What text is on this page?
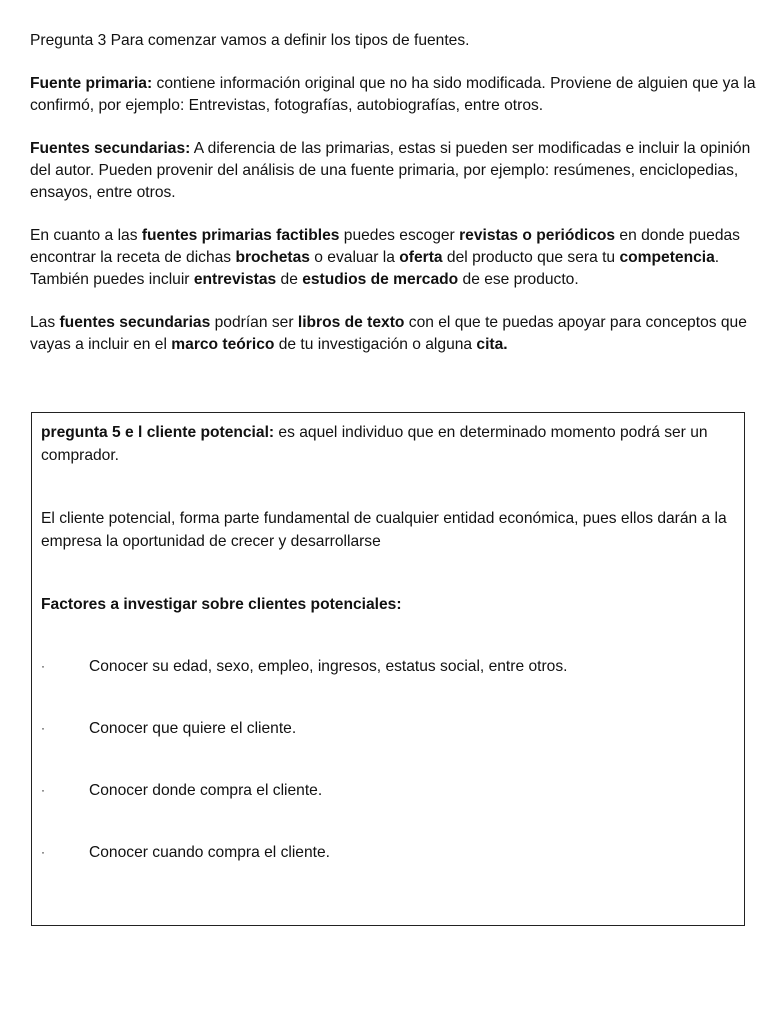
Pregunta 3 Para comenzar vamos a definir los tipos de fuentes.

Fuente primaria: contiene información original que no ha sido modificada. Proviene de alguien que ya la confirmó, por ejemplo: Entrevistas, fotografías, autobiografías, entre otros.

Fuentes secundarias: A diferencia de las primarias, estas si pueden ser modificadas e incluir la opinión del autor. Pueden provenir del análisis de una fuente primaria, por ejemplo: resúmenes, enciclopedias, ensayos, entre otros.

En cuanto a las fuentes primarias factibles puedes escoger revistas o periódicos en donde puedas encontrar la receta de dichas brochetas o evaluar la oferta del producto que sera tu competencia. También puedes incluir entrevistas de estudios de mercado de ese producto.

Las fuentes secundarias podrían ser libros de texto con el que te puedas apoyar para conceptos que vayas a incluir en el marco teórico de tu investigación o alguna cita.

pregunta 5 e l cliente potencial: es aquel individuo que en determinado momento podrá ser un comprador.

El cliente potencial, forma parte fundamental de cualquier entidad económica, pues ellos darán a la empresa la oportunidad de crecer y desarrollarse

Factores a investigar sobre clientes potenciales:

·	Conocer su edad, sexo, empleo, ingresos, estatus social, entre otros.
·	Conocer que quiere el cliente.
·	Conocer donde compra el cliente.
·	Conocer cuando compra el cliente.
